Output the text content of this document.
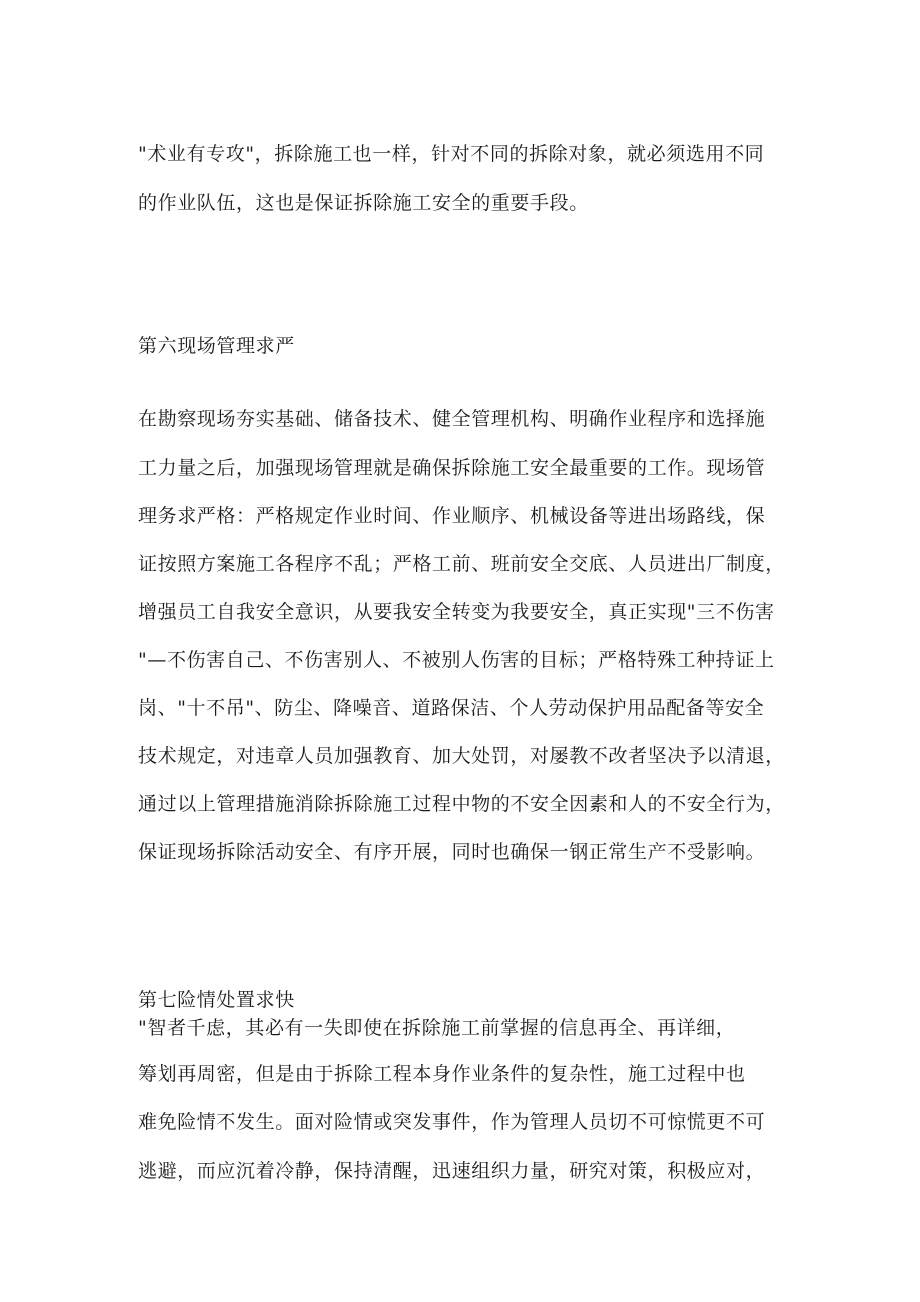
"术业有专攻"，拆除施工也一样，针对不同的拆除对象，就必须选用不同
的作业队伍，这也是保证拆除施工安全的重要手段。
第六现场管理求严
在勘察现场夯实基础、储备技术、健全管理机构、明确作业程序和选择施
工力量之后，加强现场管理就是确保拆除施工安全最重要的工作。现场管
理务求严格：严格规定作业时间、作业顺序、机械设备等进出场路线，保
证按照方案施工各程序不乱；严格工前、班前安全交底、人员进出厂制度，
增强员工自我安全意识，从要我安全转变为我要安全，真正实现"三不伤害
"—不伤害自己、不伤害别人、不被别人伤害的目标；严格特殊工种持证上
岗、"十不吊"、防尘、降噪音、道路保洁、个人劳动保护用品配备等安全
技术规定，对违章人员加强教育、加大处罚，对屡教不改者坚决予以清退，
通过以上管理措施消除拆除施工过程中物的不安全因素和人的不安全行为，
保证现场拆除活动安全、有序开展，同时也确保一钢正常生产不受影响。
第七险情处置求快
"智者千虑，其必有一失即使在拆除施工前掌握的信息再全、再详细，
筹划再周密，但是由于拆除工程本身作业条件的复杂性，施工过程中也
难免险情不发生。面对险情或突发事件，作为管理人员切不可惊慌更不可
逃避，而应沉着冷静，保持清醒，迅速组织力量，研究对策，积极应对，
